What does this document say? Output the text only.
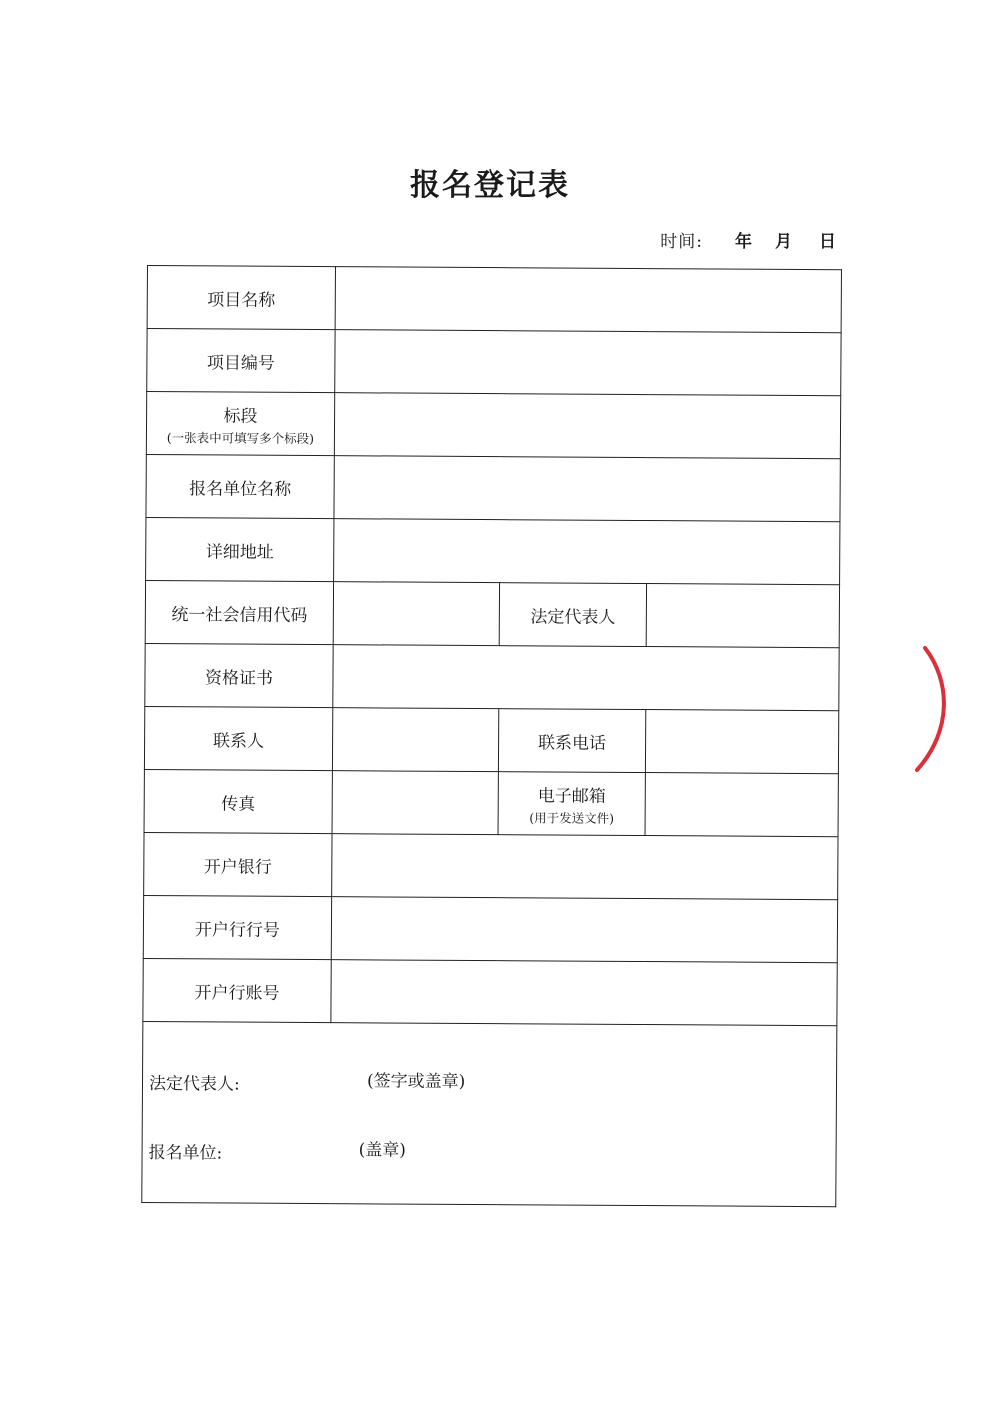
报名登记表
时间: 年 月 日
项目名称			
项目编号			
标段
(一张表中可填写多个标段)			

报名单位名称			
详细地址			
统一社会信用代码		法定代表人	
资格证书			
联系人		联系电话	
传真		电子邮箱
(用于发送文件)	

开户银行			
开户行行号			
开户行账号			

法定代表人: (签字或盖章)
报名单位: (盖章)			
